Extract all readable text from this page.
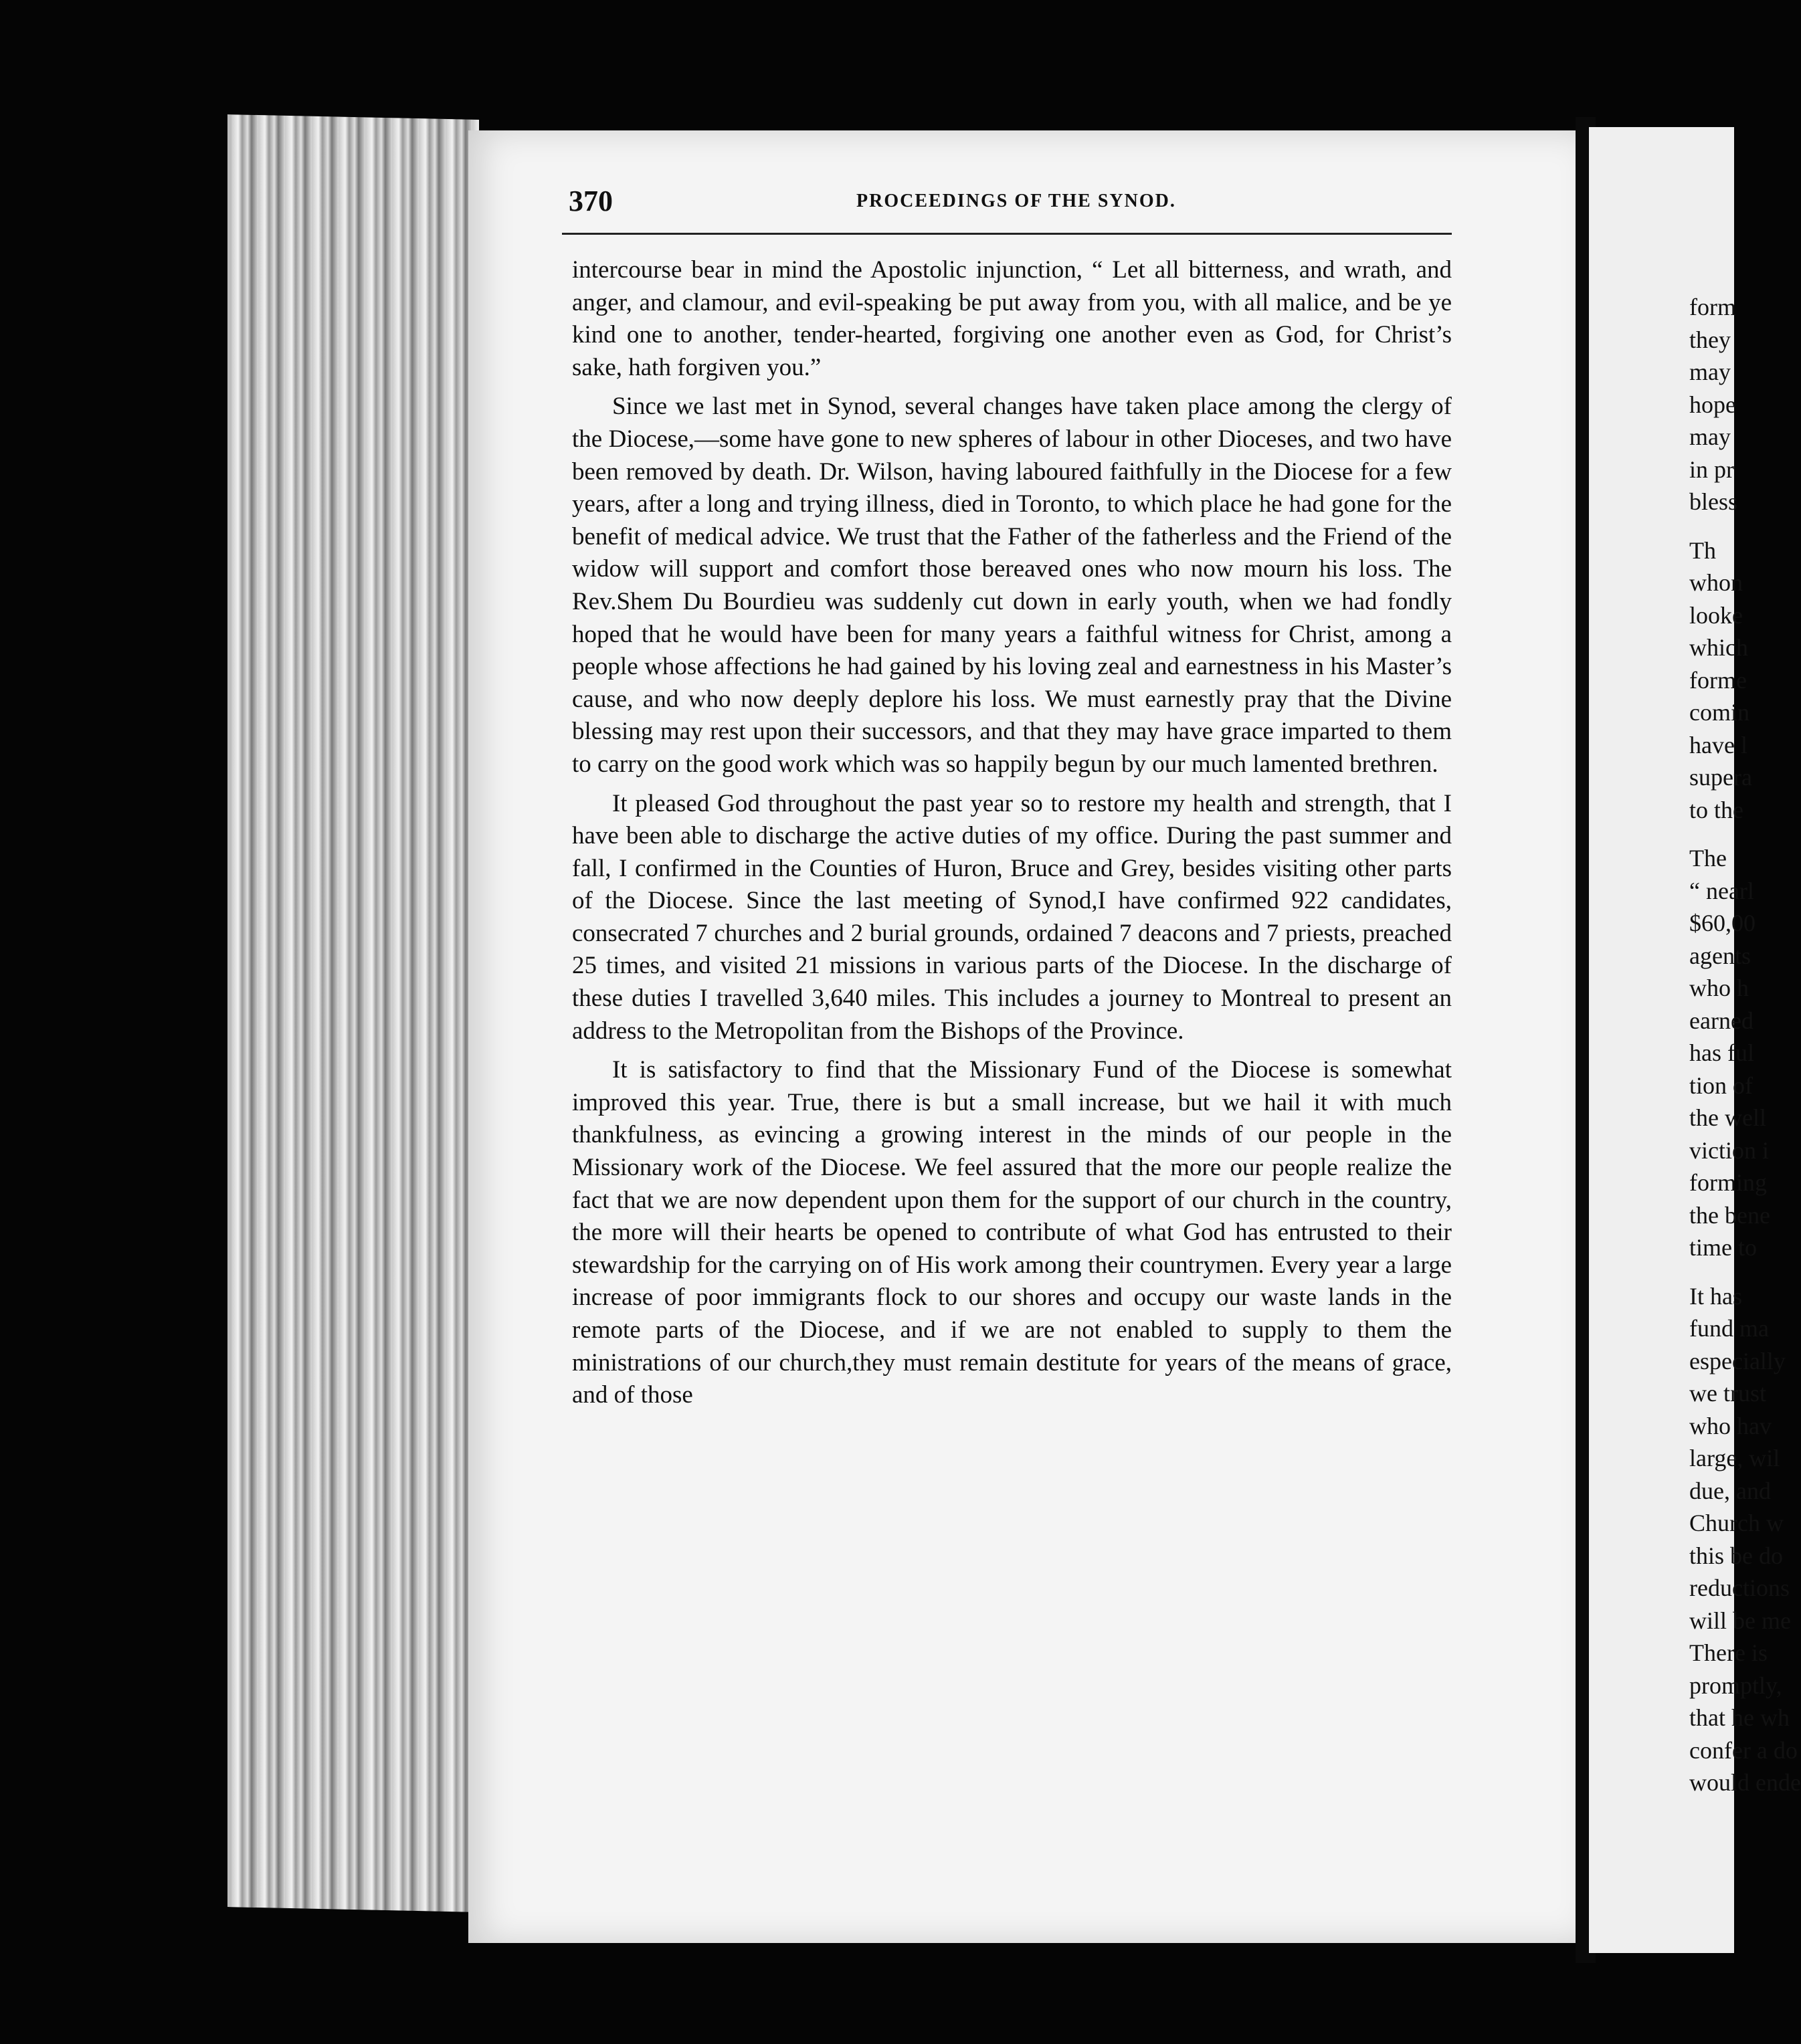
370	PROCEEDINGS OF THE SYNOD.

intercourse bear in mind the Apostolic injunction, “ Let all bitterness, and wrath, and anger, and clamour, and evil-speaking be put away from you, with all malice, and be ye kind one to another, tender-hearted, forgiving one another even as God, for Christ’s sake, hath forgiven you.”

Since we last met in Synod, several changes have taken place among the clergy of the Diocese,—some have gone to new spheres of labour in other Dioceses, and two have been removed by death. Dr. Wilson, having laboured faithfully in the Diocese for a few years, after a long and trying illness, died in Toronto, to which place he had gone for the benefit of medical advice. We trust that the Father of the fatherless and the Friend of the widow will support and comfort those bereaved ones who now mourn his loss. The Rev.Shem Du Bourdieu was suddenly cut down in early youth, when we had fondly hoped that he would have been for many years a faithful witness for Christ, among a people whose affections he had gained by his loving zeal and earnestness in his Master’s cause, and who now deeply deplore his loss. We must earnestly pray that the Divine blessing may rest upon their successors, and that they may have grace imparted to them to carry on the good work which was so happily begun by our much lamented brethren.

It pleased God throughout the past year so to restore my health and strength, that I have been able to discharge the active duties of my office. During the past summer and fall, I confirmed in the Counties of Huron, Bruce and Grey, besides visiting other parts of the Diocese. Since the last meeting of Synod,I have confirmed 922 candidates, consecrated 7 churches and 2 burial grounds, ordained 7 deacons and 7 priests, preached 25 times, and visited 21 missions in various parts of the Diocese. In the discharge of these duties I travelled 3,640 miles. This includes a journey to Montreal to present an address to the Metropolitan from the Bishops of the Province.

It is satisfactory to find that the Missionary Fund of the Diocese is somewhat improved this year. True, there is but a small increase, but we hail it with much thankfulness, as evincing a growing interest in the minds of our people in the Missionary work of the Diocese. We feel assured that the more our people realize the fact that we are now dependent upon them for the support of our church in the country, the more will their hearts be opened to contribute of what God has entrusted to their stewardship for the carrying on of His work among their countrymen. Every year a large increase of poor immigrants flock to our shores and occupy our waste lands in the remote parts of the Diocese, and if we are not enabled to supply to them the ministrations of our church,they must remain destitute for years of the means of grace, and of those

form
they
may
hope
may
in pr
bless
Th
whon
looke
which
forme
comin
have l
supera
to the
The
“ nearl
$60,00
agents
who h
earned
has ful
tion of
the well
viction i
forming
the bene
time to
It has
fund ma
especially
we trust
who hav
large, wil
due, and
Church w
this be do
reductions
will be me
There is
promptly,
that he wh
confer a do
would ende
